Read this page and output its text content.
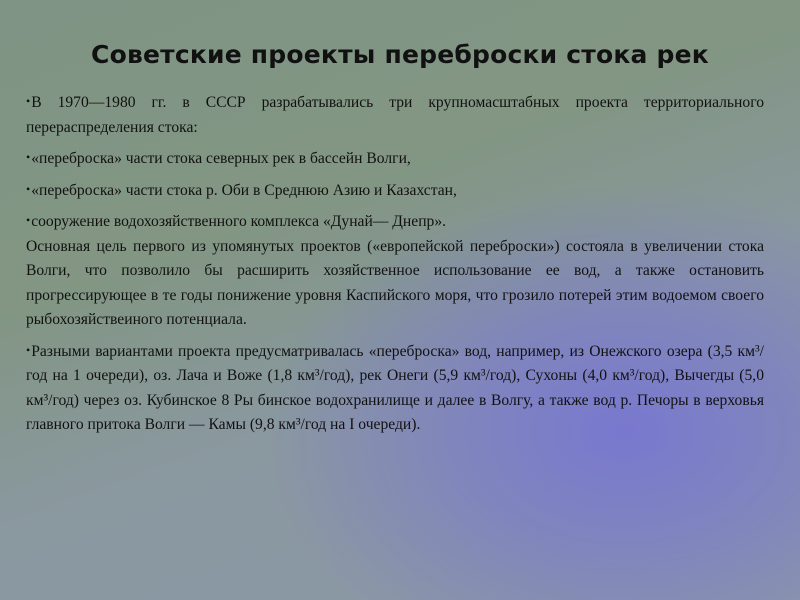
Советские проекты переброски стока рек

•В 1970—1980 гг. в СССР разрабатывались три крупномасштабных проекта территориального перераспределения стока:

•«переброска» части стока северных рек в бассейн Волги,

•«переброска» части стока р. Оби в Среднюю Азию и Казахстан,

•сооружение водохозяйственного комплекса «Дунай— Днепр».

Основная цель первого из упомянутых проектов («европейской переброски») состояла в увеличении стока Волги, что позволило бы расширить хозяйственное использование ее вод, а также остановить прогрессирующее в те годы понижение уровня Каспийского моря, что грозило потерей этим водоемом своего рыбохозяйствеиного потенциала.

•Разными вариантами проекта предусматривалась «переброска» вод, например, из Онежского озера (3,5 км³/год на 1 очереди), оз. Лача и Воже (1,8 км³/год), рек Онеги (5,9 км³/год), Сухоны (4,0 км³/год), Вычегды (5,0 км³/год) через оз. Кубинское 8 Ры бинское водохранилище и далее в Волгу, а также вод р. Печоры в верховья главного притока Волги — Камы (9,8 км³/год на I очереди).
